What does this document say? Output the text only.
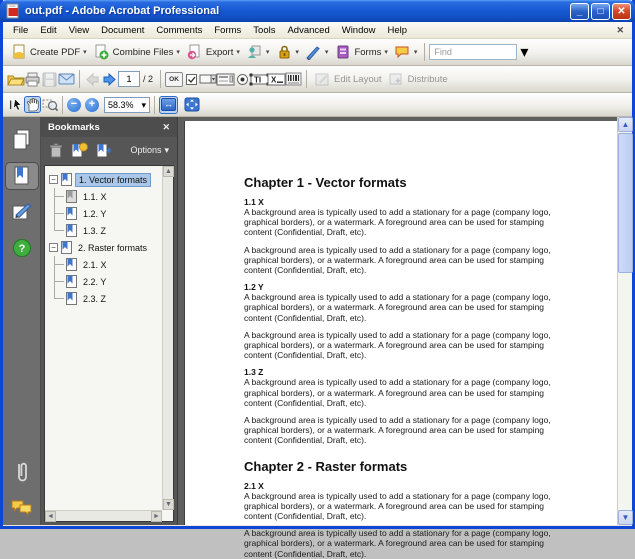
out.pdf - Adobe Acrobat Professional	_	□	✕
File	Edit	View	Document	Comments	Forms	Tools	Advanced	Window	Help	✕
Create PDF ▾	Combine Files ▾	Export ▾	▾	▾	▾	Forms ▾	▾	Find	▾
1	/ 2	OK	TI X	Edit Layout	Distribute
I	−	+	58.3% ▾	↔
?
Bookmarks	✕
Options ▾
−	1. Vector formats
1.1. X
1.2. Y
1.3. Z
−	2. Raster formats
2.1. X
2.2. Y
2.3. Z
▲
▼
◄	►
Chapter 1 - Vector formats
1.1 X

A background area is typically used to add a stationary for a page (company logo, graphical borders), or a watermark. A foreground area can be used for stamping content (Confidential, Draft, etc).

A background area is typically used to add a stationary for a page (company logo, graphical borders), or a watermark. A foreground area can be used for stamping content (Confidential, Draft, etc).

1.2 Y

A background area is typically used to add a stationary for a page (company logo, graphical borders), or a watermark. A foreground area can be used for stamping content (Confidential, Draft, etc).

A background area is typically used to add a stationary for a page (company logo, graphical borders), or a watermark. A foreground area can be used for stamping content (Confidential, Draft, etc).

1.3 Z

A background area is typically used to add a stationary for a page (company logo, graphical borders), or a watermark. A foreground area can be used for stamping content (Confidential, Draft, etc).

A background area is typically used to add a stationary for a page (company logo, graphical borders), or a watermark. A foreground area can be used for stamping content (Confidential, Draft, etc).

Chapter 2 - Raster formats
2.1 X

A background area is typically used to add a stationary for a page (company logo, graphical borders), or a watermark. A foreground area can be used for stamping content (Confidential, Draft, etc).

A background area is typically used to add a stationary for a page (company logo, graphical borders), or a watermark. A foreground area can be used for stamping content (Confidential, Draft, etc).

▲
▼
